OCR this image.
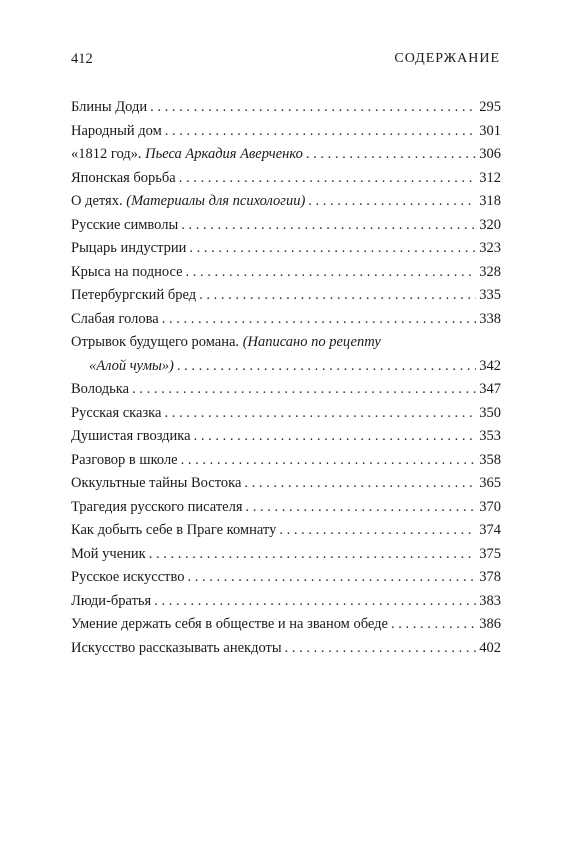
412	СОДЕРЖАНИЕ
Блины Доди . . .	295
Народный дом . . .	301
«1812 год». Пьеса Аркадия Аверченко . . .	306
Японская борьба . . .	312
О детях. (Материалы для психологии) . . .	318
Русские символы . . .	320
Рыцарь индустрии . . .	323
Крыса на подносе . . .	328
Петербургский бред . . .	335
Слабая голова . . .	338
Отрывок будущего романа. (Написано по рецепту
«Алой чумы») . . .	342
Володька . . .	347
Русская сказка . . .	350
Душистая гвоздика . . .	353
Разговор в школе . . .	358
Оккультные тайны Востока . . .	365
Трагедия русского писателя . . .	370
Как добыть себе в Праге комнату . . .	374
Мой ученик . . .	375
Русское искусство . . .	378
Люди-братья . . .	383
Умение держать себя в обществе и на званом обеде . . .	386
Искусство рассказывать анекдоты . . .	402
